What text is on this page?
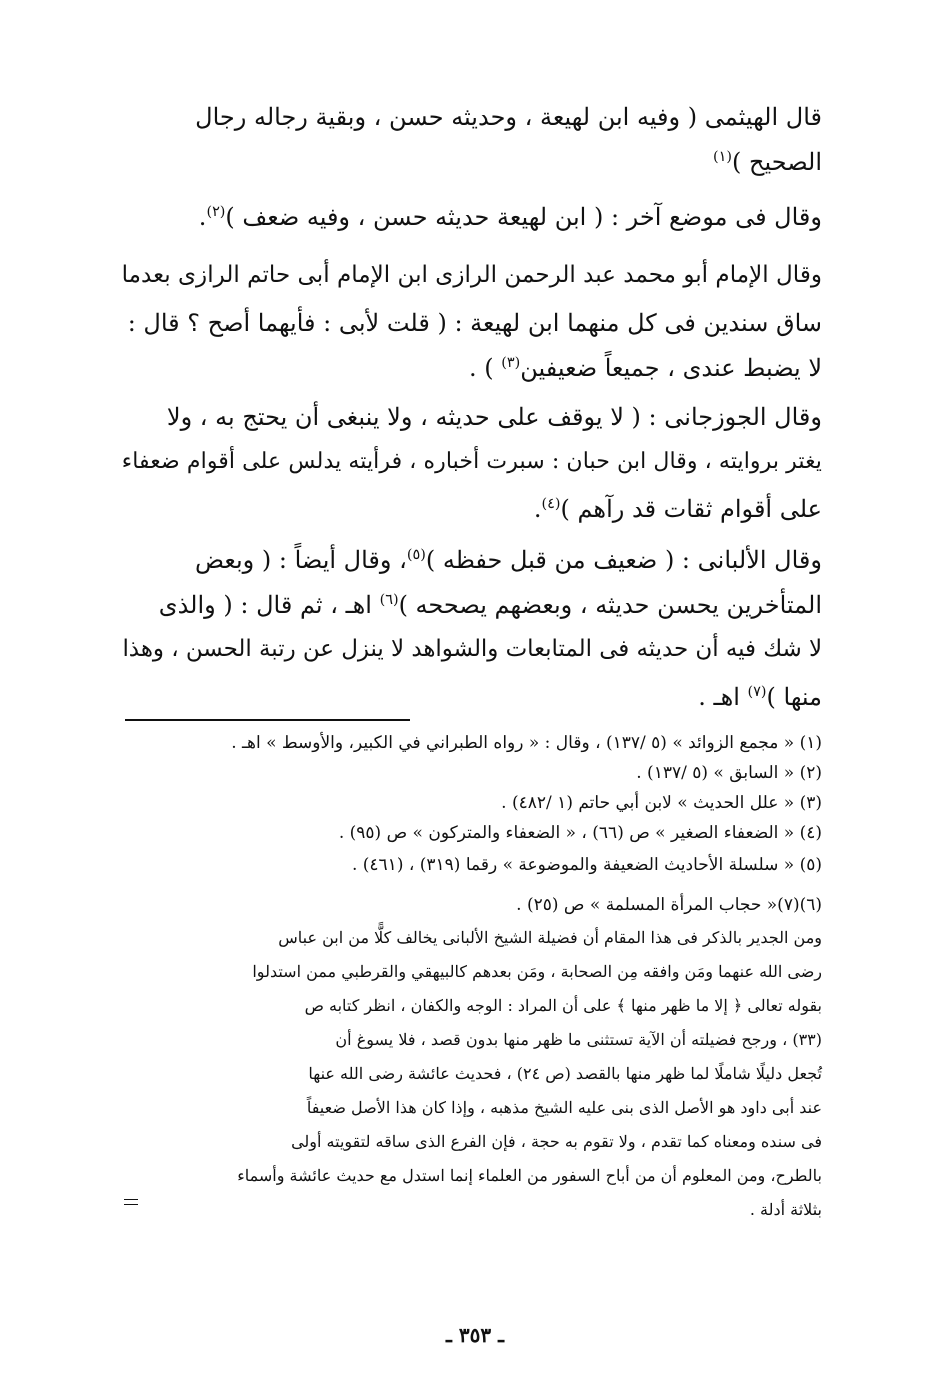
قال الهيثمى ( وفيه ابن لهيعة ، وحديثه حسن ، وبقية رجاله رجال
الصحيح )$^{(١)}$
وقال فى موضع آخر : ( ابن لهيعة حديثه حسن ، وفيه ضعف )$^{(٢)}$.
وقال الإمام أبو محمد عبد الرحمن الرازى ابن الإمام أبى حاتم الرازى بعدما
ساق سندين فى كل منهما ابن لهيعة : ( قلت لأبى : فأيهما أصح ؟ قال :
لا يضبط عندى ، جميعاً ضعيفين$^{(٣)}$ ) .
وقال الجوزجانى : ( لا يوقف على حديثه ، ولا ينبغى أن يحتج به ، ولا
يغتر بروايته ، وقال ابن حبان : سبرت أخباره ، فرأيته يدلس على أقوام ضعفاء
على أقوام ثقات قد رآهم )$^{(٤)}$.
وقال الألبانى : ( ضعيف من قبل حفظه )$^{(٥)}$، وقال أيضاً : ( وبعض
المتأخرين يحسن حديثه ، وبعضهم يصححه )$^{(٦)}$ اهـ ، ثم قال : ( والذى
لا شك فيه أن حديثه فى المتابعات والشواهد لا ينزل عن رتبة الحسن ، وهذا
منها )$^{(٧)}$ اهـ .
(١) « مجمع الزوائد » (٥ /١٣٧) ، وقال : « رواه الطبراني في الكبير، والأوسط » اهـ .
(٢) « السابق » (٥ /١٣٧) .
(٣) « علل الحديث » لابن أبي حاتم (١ /٤٨٢) .
(٤) « الضعفاء الصغير » ص (٦٦) ، « الضعفاء والمتركون » ص (٩٥) .
(٥) « سلسلة الأحاديث الضعيفة والموضوعة » رقما (٣١٩) ، (٤٦١) .
(٦)(٧)« حجاب المرأة المسلمة » ص (٢٥) .
ومن الجدير بالذكر فى هذا المقام أن فضيلة الشيخ الألبانى يخالف كلًّا من ابن عباس
رضى الله عنهما ومَن وافقه مِن الصحابة ، ومَن بعدهم كالبيهقي والقرطبي ممن استدلوا
بقوله تعالى ﴿ إلا ما ظهر منها ﴾ على أن المراد : الوجه والكفان ، انظر كتابه ص
(٣٣) ، ورجح فضيلته أن الآية تستثنى ما ظهر منها بدون قصد ، فلا يسوغ أن
تُجعل دليلًا شاملًا لما ظهر منها بالقصد (ص ٢٤) ، فحديث عائشة رضى الله عنها
عند أبى داود هو الأصل الذى بنى عليه الشيخ مذهبه ، وإذا كان هذا الأصل ضعيفاً
فى سنده ومعناه كما تقدم ، ولا تقوم به حجة ، فإن الفرع الذى ساقه لتقويته أولى
بالطرح، ومن المعلوم أن من أباح السفور من العلماء إنما استدل مع حديث عائشة وأسماء
بثلاثة أدلة .
ـ ٣٥٣ ـ
